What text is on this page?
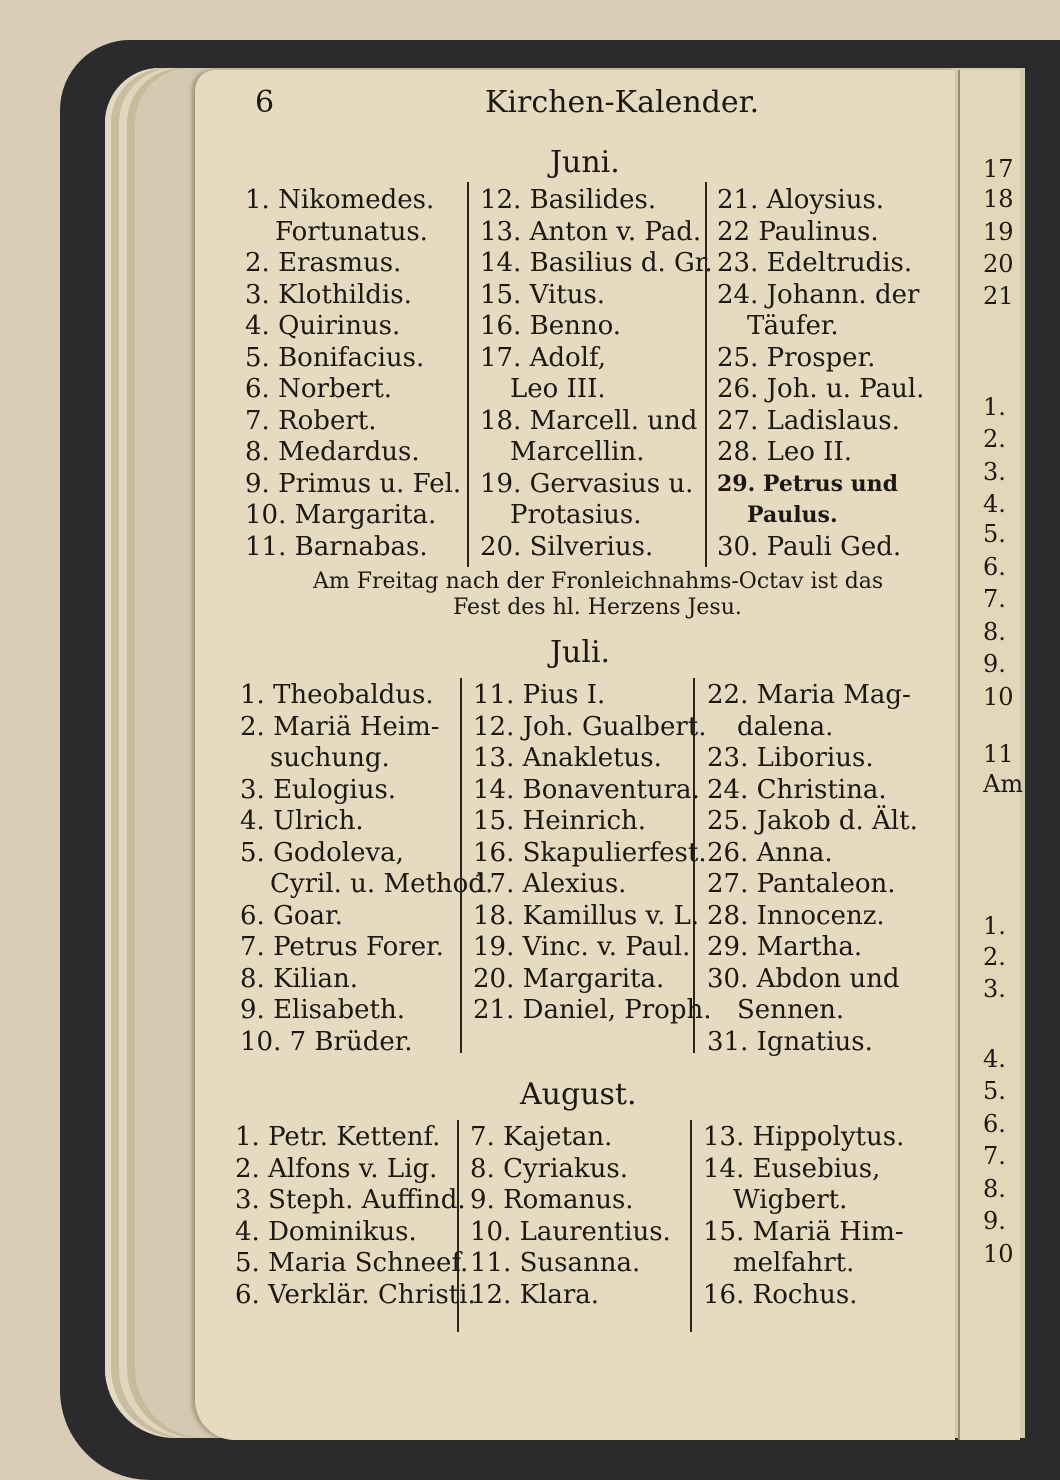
6	Kirchen-Kalender.
Juni.
1. Nikomedes.
Fortunatus.
2. Erasmus.
3. Klothildis.
4. Quirinus.
5. Bonifacius.
6. Norbert.
7. Robert.
8. Medardus.
9. Primus u. Fel.
10. Margarita.
11. Barnabas.
12. Basilides.
13. Anton v. Pad.
14. Basilius d. Gr.
15. Vitus.
16. Benno.
17. Adolf,
Leo III.
18. Marcell. und
Marcellin.
19. Gervasius u.
Protasius.
20. Silverius.
21. Aloysius.
22 Paulinus.
23. Edeltrudis.
24. Johann. der
Täufer.
25. Prosper.
26. Joh. u. Paul.
27. Ladislaus.
28. Leo II.
29. Petrus und
Paulus.
30. Pauli Ged.
Am Freitag nach der Fronleichnahms-Octav ist das
Fest des hl. Herzens Jesu.
Juli.
1. Theobaldus.
2. Mariä Heim-
suchung.
3. Eulogius.
4. Ulrich.
5. Godoleva,
Cyril. u. Method.
6. Goar.
7. Petrus Forer.
8. Kilian.
9. Elisabeth.
10. 7 Brüder.
11. Pius I.
12. Joh. Gualbert.
13. Anakletus.
14. Bonaventura.
15. Heinrich.
16. Skapulierfest.
17. Alexius.
18. Kamillus v. L.
19. Vinc. v. Paul.
20. Margarita.
21. Daniel, Proph.
22. Maria Mag-
dalena.
23. Liborius.
24. Christina.
25. Jakob d. Ält.
26. Anna.
27. Pantaleon.
28. Innocenz.
29. Martha.
30. Abdon und
Sennen.
31. Ignatius.
August.
1. Petr. Kettenf.
2. Alfons v. Lig.
3. Steph. Auffind.
4. Dominikus.
5. Maria Schneef.
6. Verklär. Christi.
7. Kajetan.
8. Cyriakus.
9. Romanus.
10. Laurentius.
11. Susanna.
12. Klara.
13. Hippolytus.
14. Eusebius,
Wigbert.
15. Mariä Him-
melfahrt.
16. Rochus.
17
18
19
20
21
1.
2.
3.
4.
5.
6.
7.
8.
9.
10
11
Am
1.
2.
3.
4.
5.
6.
7.
8.
9.
10
